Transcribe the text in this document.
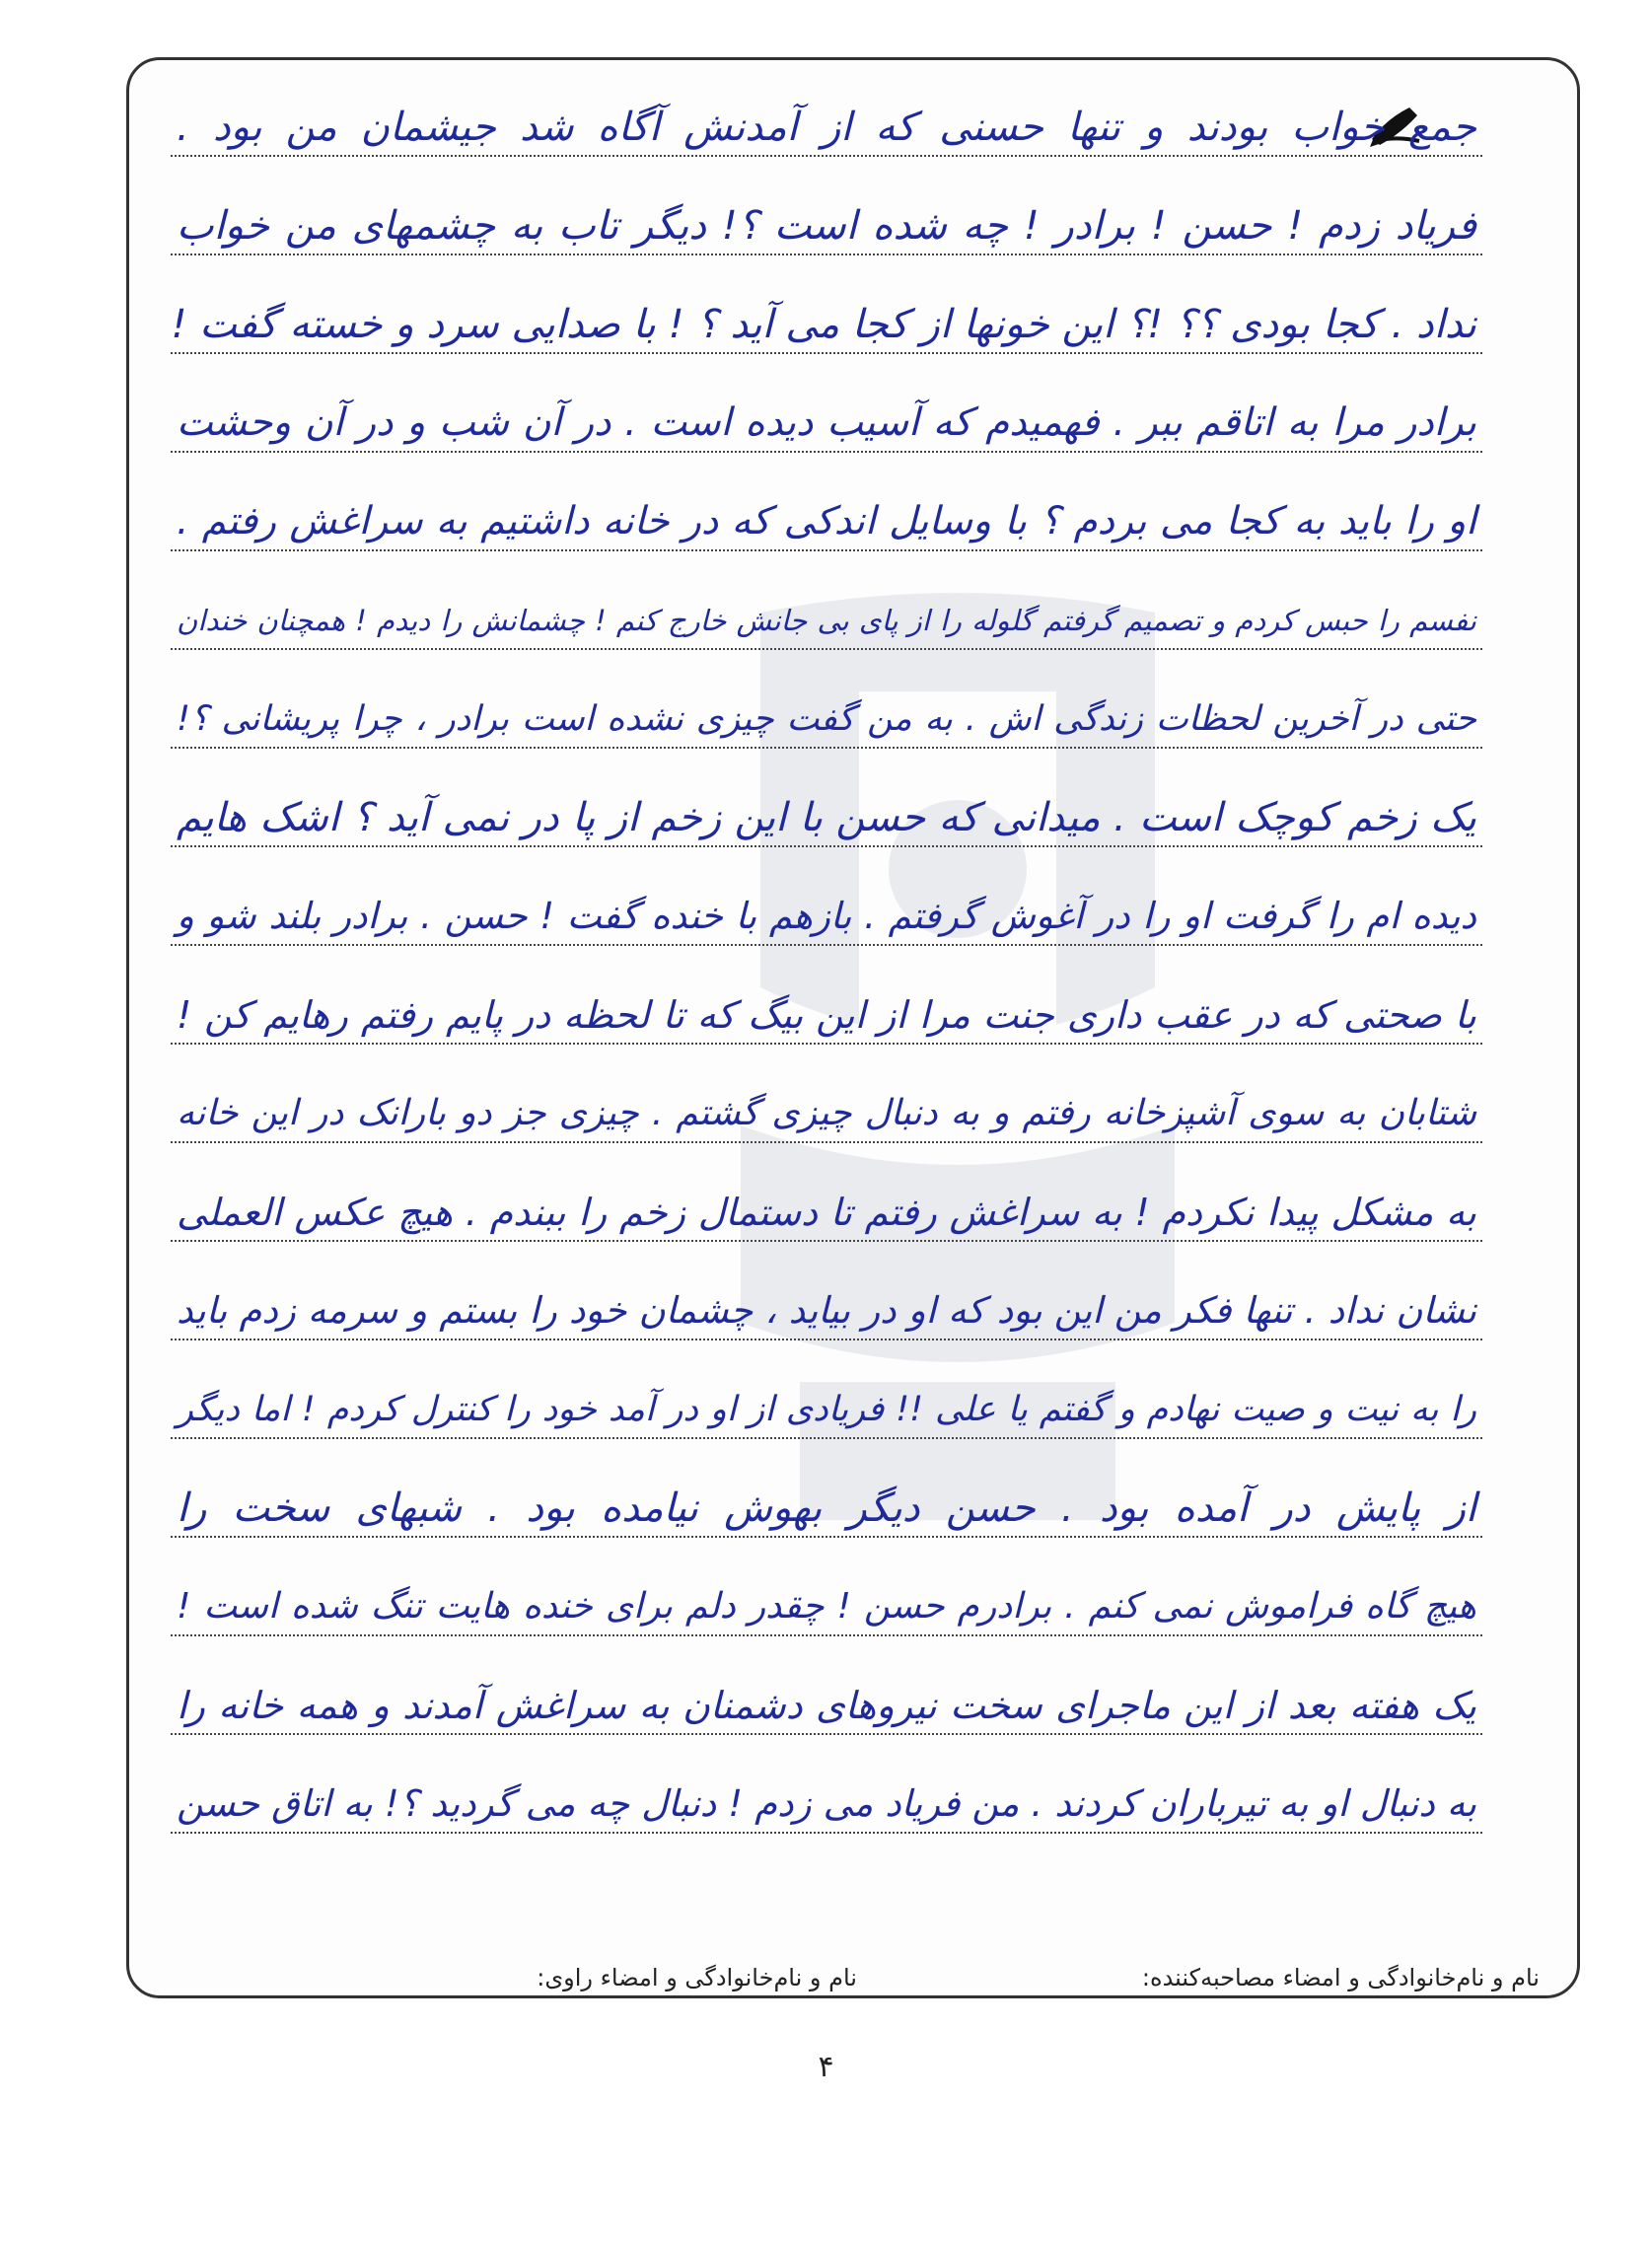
جمع خواب بودند و تنها حسنی که از آمدنش آگاه شد جیشمان من بود .
فریاد زدم ! حسن ! برادر ! چه شده است ؟! دیگر تاب به چشمهای من خواب
نداد . کجا بودی ؟؟ !؟ این خونها از کجا می آید ؟ ! با صدایی سرد و خسته گفت !
برادر مرا به اتاقم ببر . فهمیدم که آسیب دیده است . در آن شب و در آن وحشت
او را باید به کجا می بردم ؟ با وسایل اندکی که در خانه داشتیم به سراغش رفتم .
نفسم را حبس کردم و تصمیم گرفتم گلوله را از پای بی جانش خارج کنم ! چشمانش را دیدم ! همچنان خندان
حتی در آخرین لحظات زندگی اش . به من گفت چیزی نشده است برادر ، چرا پریشانی ؟!
یک زخم کوچک است . میدانی که حسن با این زخم از پا در نمی آید ؟ اشک هایم
دیده ام را گرفت او را در آغوش گرفتم . بازهم با خنده گفت ! حسن . برادر بلند شو و
با صحتی که در عقب داری جنت مرا از این بیگ که تا لحظه در پایم رفتم رهایم کن !
شتابان به سوی آشپزخانه رفتم و به دنبال چیزی گشتم . چیزی جز دو بارانک در این خانه
به مشکل پیدا نکردم ! به سراغش رفتم تا دستمال زخم را ببندم . هیچ عکس العملی
نشان نداد . تنها فکر من این بود که او در بیاید ، چشمان خود را بستم و سرمه زدم باید
را به نیت و صیت نهادم و گفتم یا علی !! فریادی از او در آمد خود را کنترل کردم ! اما دیگر
از پایش در آمده بود . حسن دیگر بهوش نیامده بود . شبهای سخت را
هیچ گاه فراموش نمی کنم . برادرم حسن ! چقدر دلم برای خنده هایت تنگ شده است !
یک هفته بعد از این ماجرای سخت نیروهای دشمنان به سراغش آمدند و همه خانه را
به دنبال او به تیرباران کردند . من فریاد می زدم ! دنبال چه می گردید ؟! به اتاق حسن
نام و نام‌خانوادگی و امضاء مصاحبه‌کننده:
نام و نام‌خانوادگی و امضاء راوی:
۴
